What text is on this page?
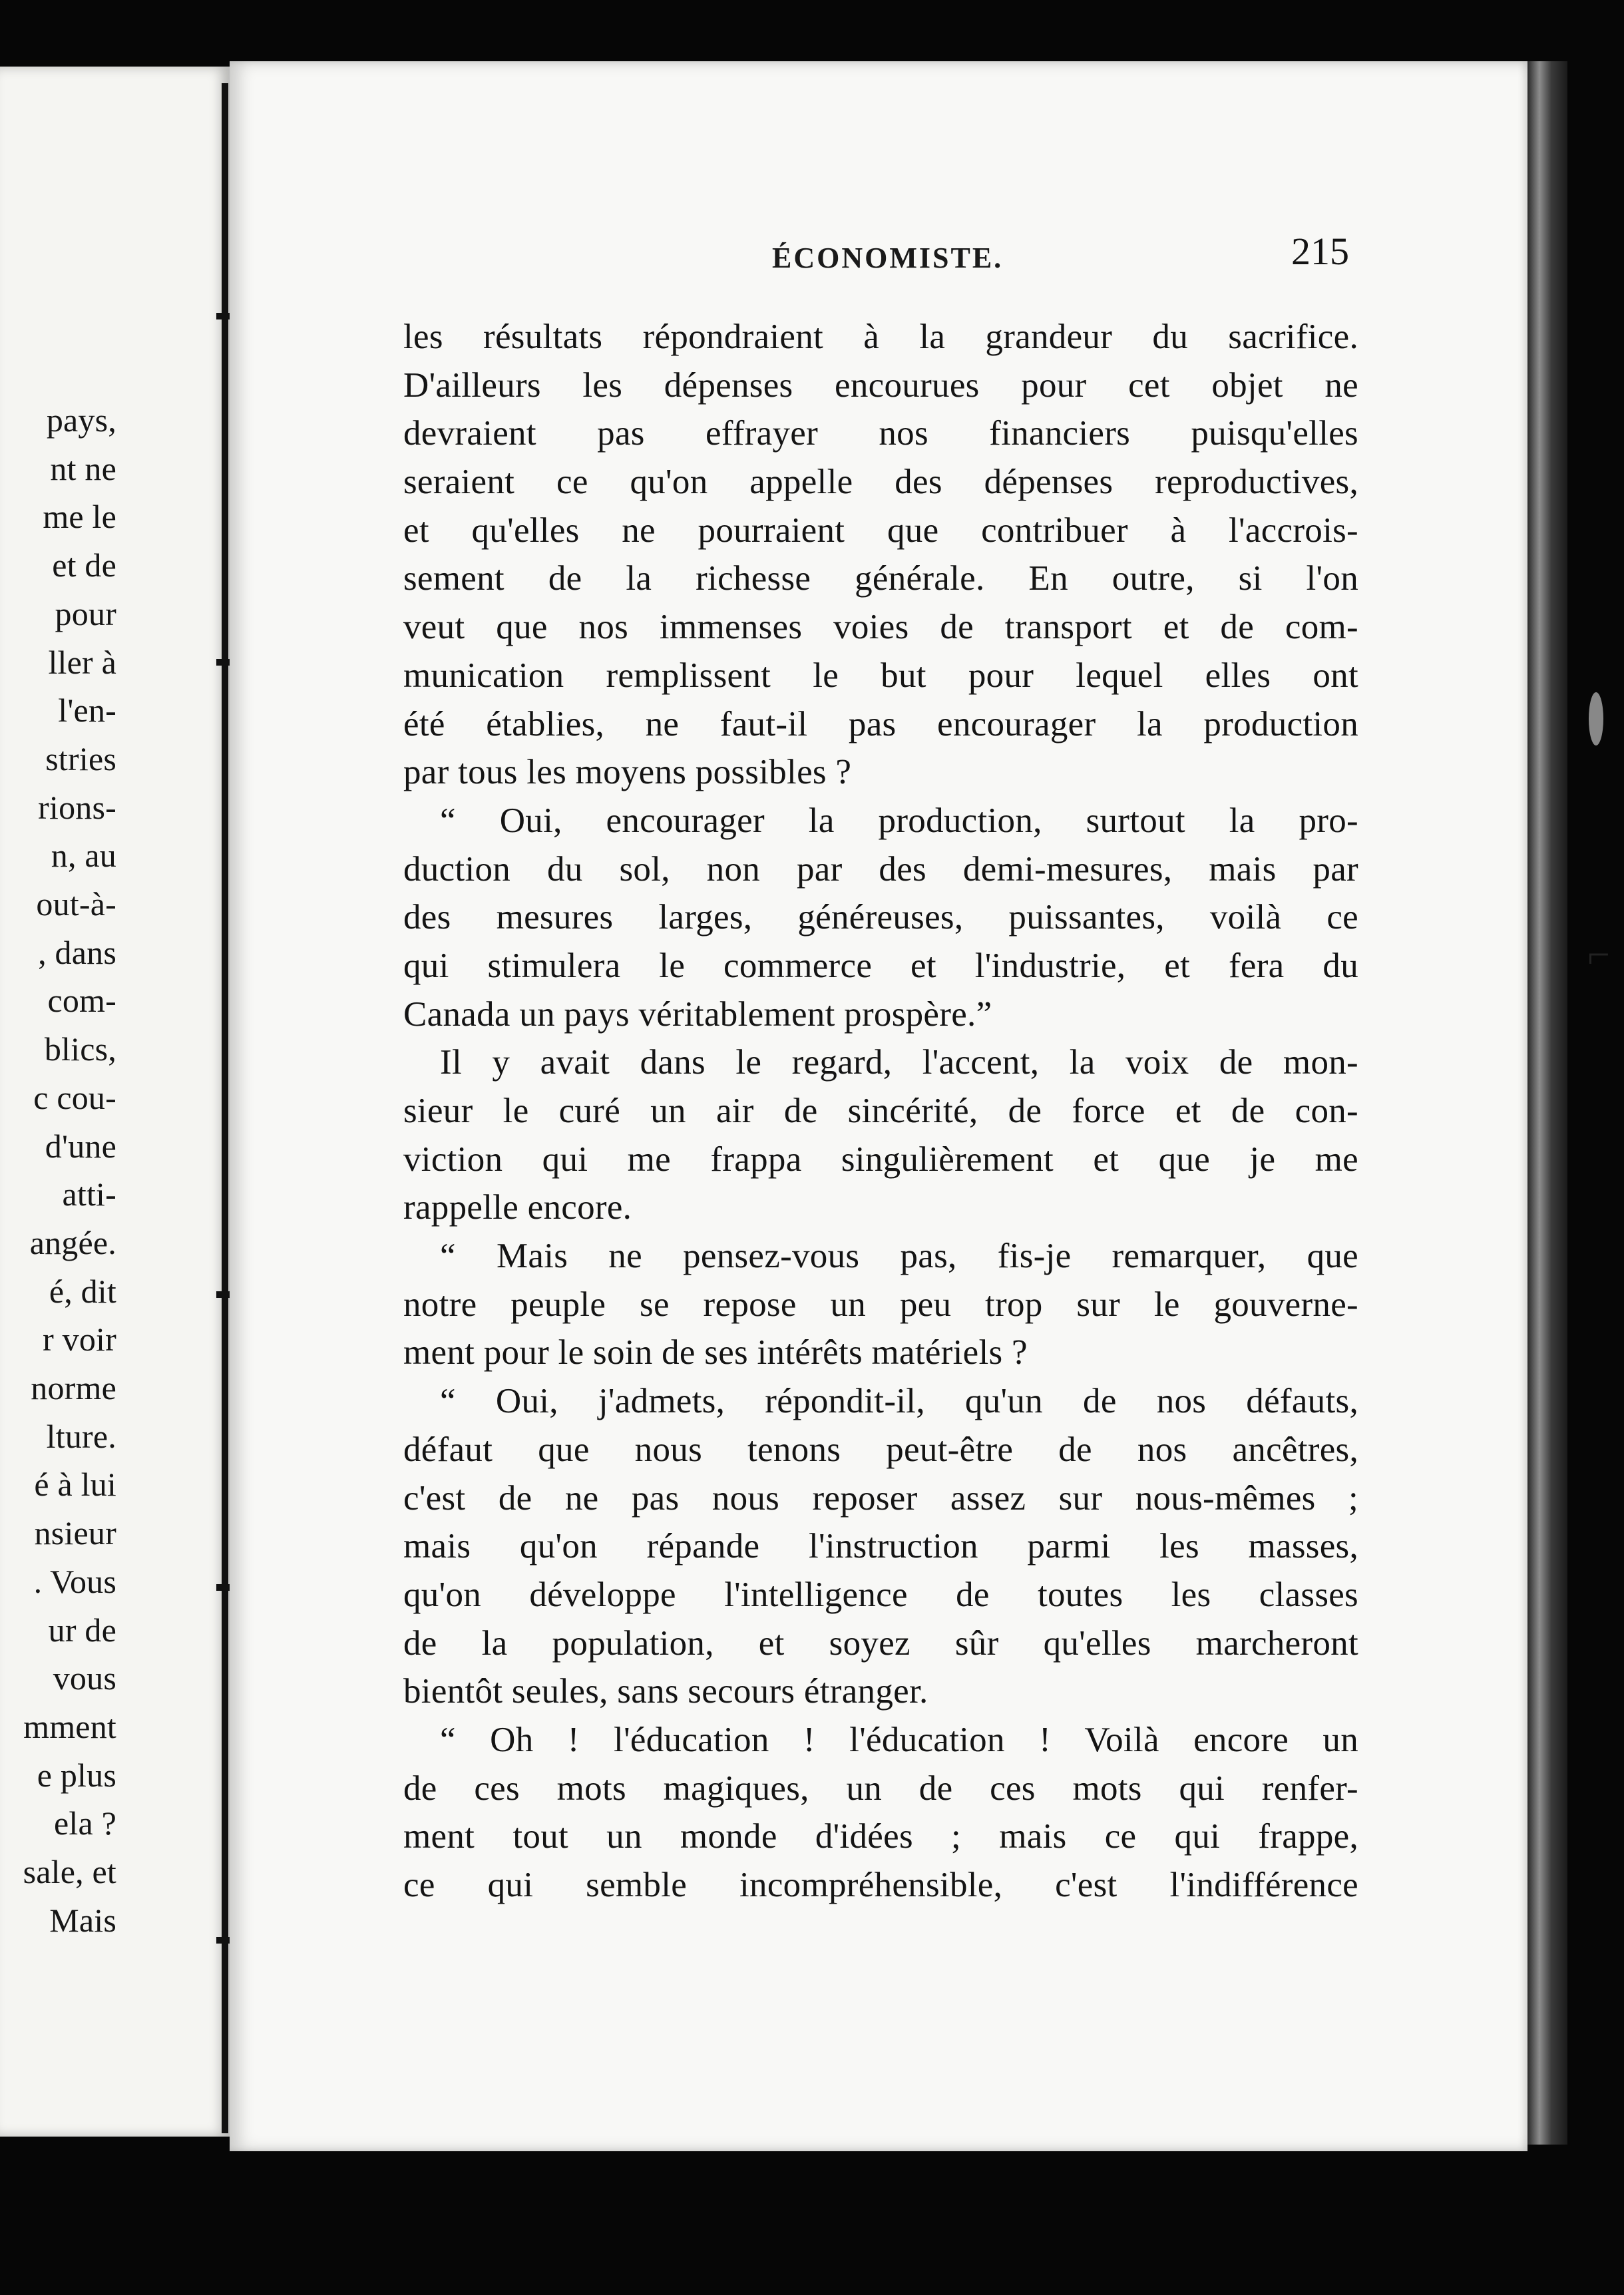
pays,
nt ne
me le
et de
pour
ller à
l'en-
stries
rions-
n, au
out-à-
, dans
com-
blics,
c cou-
d'une
atti-
angée.
é, dit
r voir
norme
lture.
é à lui
nsieur
. Vous
ur de
vous
mment
e plus
ela ?
sale, et
Mais
ÉCONOMISTE.	215
les résultats répondraient à la grandeur du sacrifice.
D'ailleurs les dépenses encourues pour cet objet ne
devraient pas effrayer nos financiers puisqu'elles
seraient ce qu'on appelle des dépenses reproductives,
et qu'elles ne pourraient que contribuer à l'accrois-
sement de la richesse générale. En outre, si l'on
veut que nos immenses voies de transport et de com-
munication remplissent le but pour lequel elles ont
été établies, ne faut-il pas encourager la production
par tous les moyens possibles ?
“ Oui, encourager la production, surtout la pro-
duction du sol, non par des demi-mesures, mais par
des mesures larges, généreuses, puissantes, voilà ce
qui stimulera le commerce et l'industrie, et fera du
Canada un pays véritablement prospère.”
Il y avait dans le regard, l'accent, la voix de mon-
sieur le curé un air de sincérité, de force et de con-
viction qui me frappa singulièrement et que je me
rappelle encore.
“ Mais ne pensez-vous pas, fis-je remarquer, que
notre peuple se repose un peu trop sur le gouverne-
ment pour le soin de ses intérêts matériels ?
“ Oui, j'admets, répondit-il, qu'un de nos défauts,
défaut que nous tenons peut-être de nos ancêtres,
c'est de ne pas nous reposer assez sur nous-mêmes ;
mais qu'on répande l'instruction parmi les masses,
qu'on développe l'intelligence de toutes les classes
de la population, et soyez sûr qu'elles marcheront
bientôt seules, sans secours étranger.
“ Oh ! l'éducation ! l'éducation ! Voilà encore un
de ces mots magiques, un de ces mots qui renfer-
ment tout un monde d'idées ; mais ce qui frappe,
ce qui semble incompréhensible, c'est l'indifférence
⌐
